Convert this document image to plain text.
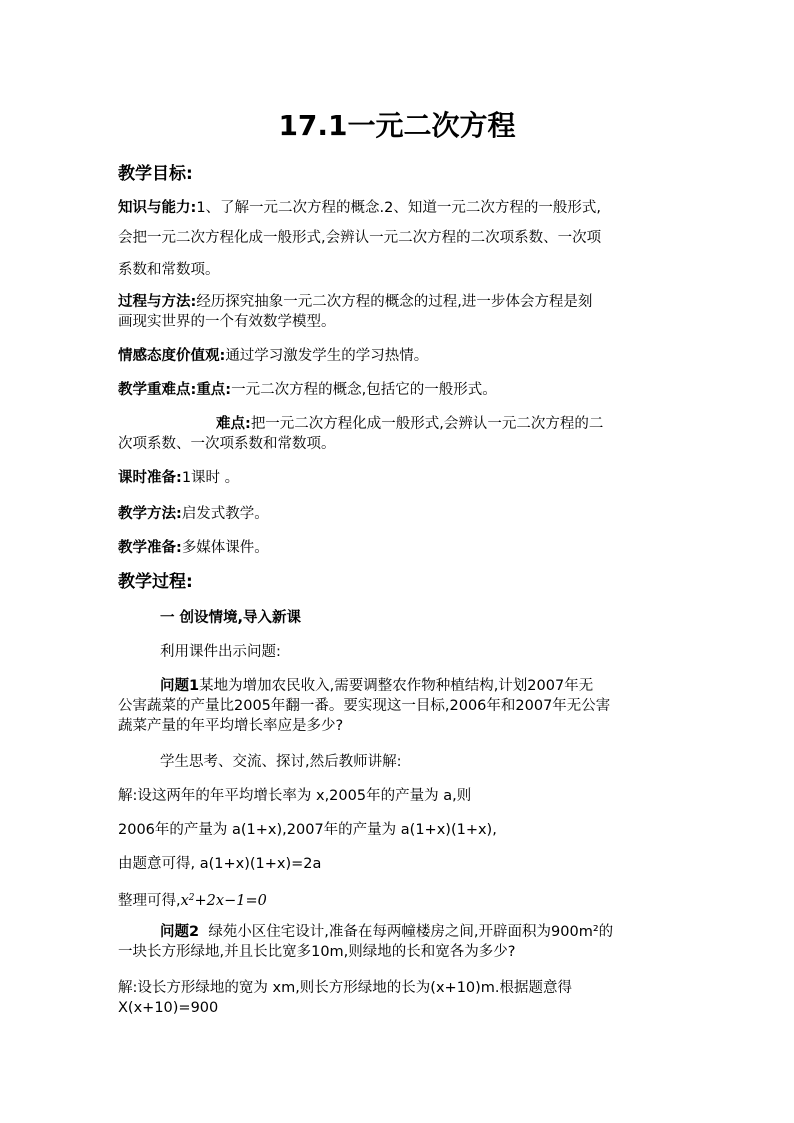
17.1一元二次方程
教学目标:
知识与能力:1、了解一元二次方程的概念.2、知道一元二次方程的一般形式,
会把一元二次方程化成一般形式,会辨认一元二次方程的二次项系数、一次项
系数和常数项。
过程与方法:经历探究抽象一元二次方程的概念的过程,进一步体会方程是刻
画现实世界的一个有效数学模型。
情感态度价值观:通过学习激发学生的学习热情。
教学重难点:重点:一元二次方程的概念,包括它的一般形式。
难点:把一元二次方程化成一般形式,会辨认一元二次方程的二
次项系数、一次项系数和常数项。
课时准备:1课时 。
教学方法:启发式教学。
教学准备:多媒体课件。
教学过程:
一 创设情境,导入新课
利用课件出示问题:
问题1某地为增加农民收入,需要调整农作物种植结构,计划2007年无
公害蔬菜的产量比2005年翻一番。要实现这一目标,2006年和2007年无公害
蔬菜产量的年平均增长率应是多少?
学生思考、交流、探讨,然后教师讲解:
解:设这两年的年平均增长率为 x,2005年的产量为 a,则
2006年的产量为 a(1+x),2007年的产量为 a(1+x)(1+x),
由题意可得, a(1+x)(1+x)=2a
整理可得$,x^2+2x-1=0$
问题2 绿苑小区住宅设计,准备在每两幢楼房之间,开辟面积为900m²的
一块长方形绿地,并且长比宽多10m,则绿地的长和宽各为多少?
解:设长方形绿地的宽为 xm,则长方形绿地的长为(x+10)m.根据题意得
X(x+10)=900
